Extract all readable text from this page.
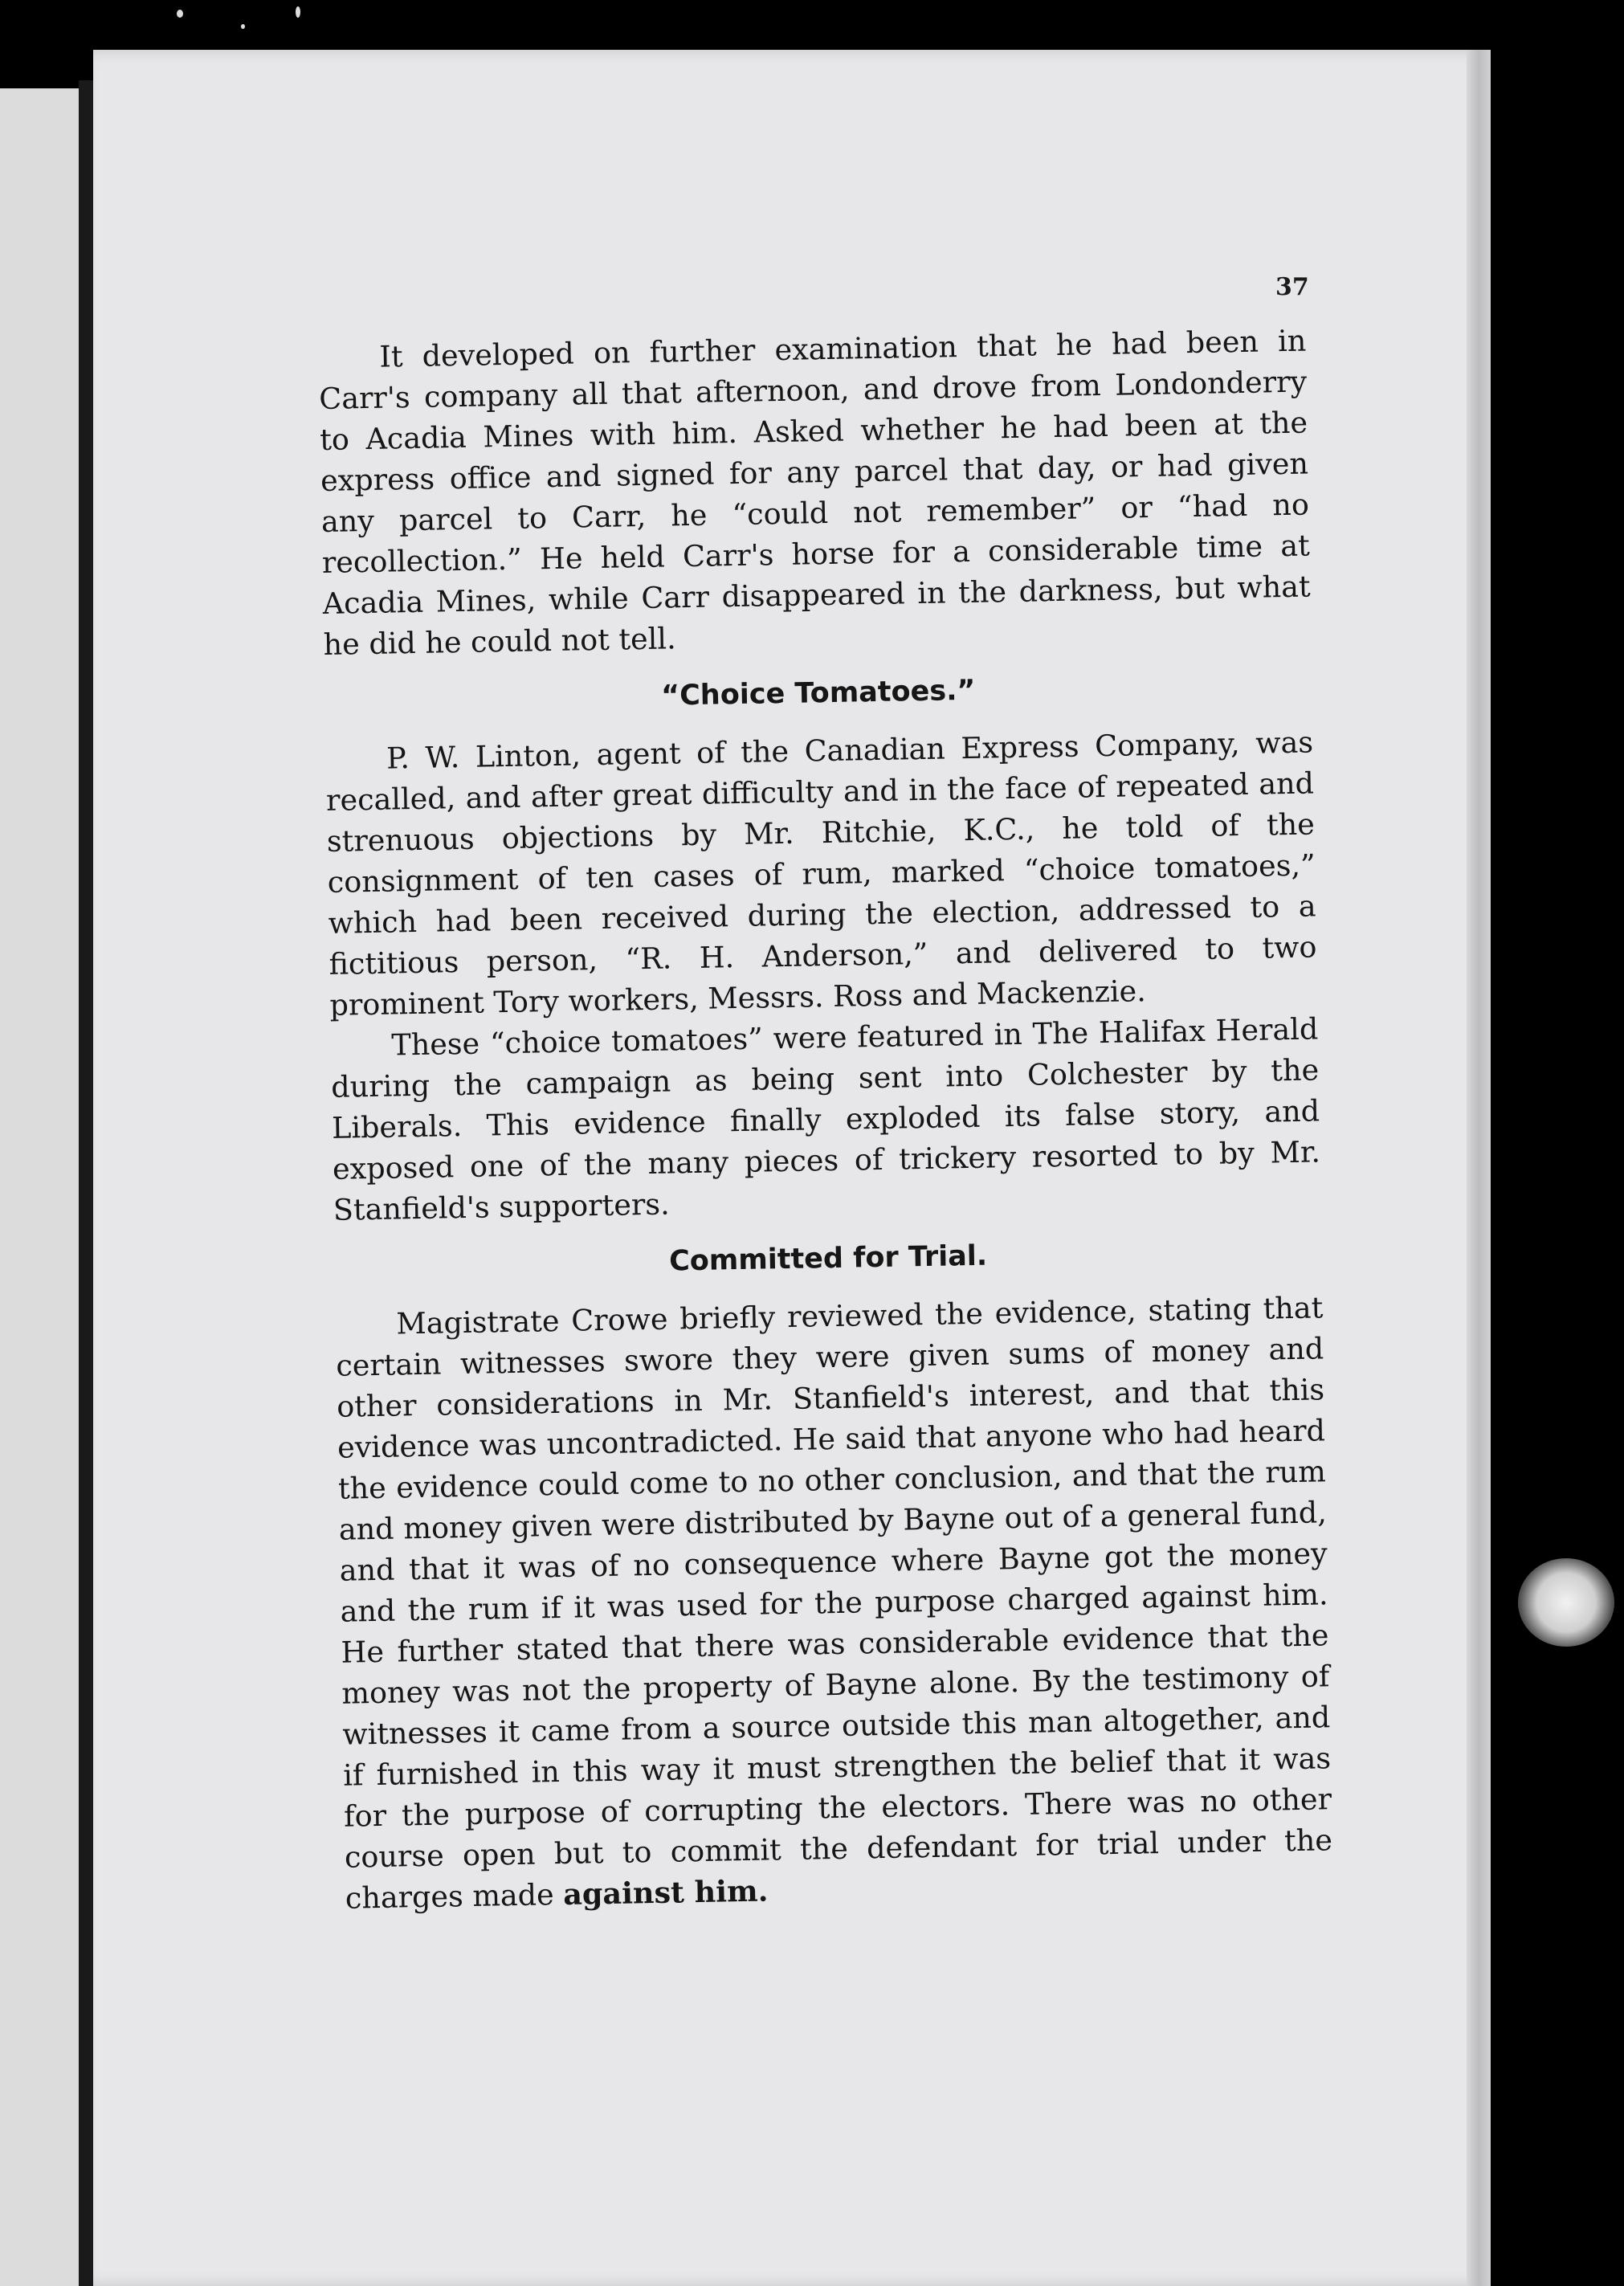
37

It developed on further examination that he had been in Carr's company all that afternoon, and drove from Londonderry to Acadia Mines with him. Asked whether he had been at the express office and signed for any parcel that day, or had given any parcel to Carr, he “could not remember” or “had no recollection.” He held Carr's horse for a considerable time at Acadia Mines, while Carr disappeared in the darkness, but what he did he could not tell.

“Choice Tomatoes.”

P. W. Linton, agent of the Canadian Express Company, was recalled, and after great difficulty and in the face of repeated and strenuous objections by Mr. Ritchie, K.C., he told of the consignment of ten cases of rum, marked “choice tomatoes,” which had been received during the election, addressed to a fictitious person, “R. H. Anderson,” and delivered to two prominent Tory workers, Messrs. Ross and Mackenzie.

These “choice tomatoes” were featured in The Halifax Herald during the campaign as being sent into Colchester by the Liberals. This evidence finally exploded its false story, and exposed one of the many pieces of trickery resorted to by Mr. Stanfield's supporters.

Committed for Trial.

Magistrate Crowe briefly reviewed the evidence, stating that certain witnesses swore they were given sums of money and other considerations in Mr. Stanfield's interest, and that this evidence was uncontradicted. He said that anyone who had heard the evidence could come to no other conclusion, and that the rum and money given were distributed by Bayne out of a general fund, and that it was of no consequence where Bayne got the money and the rum if it was used for the purpose charged against him. He further stated that there was considerable evidence that the money was not the property of Bayne alone. By the testimony of witnesses it came from a source outside this man altogether, and if furnished in this way it must strengthen the belief that it was for the purpose of corrupting the electors. There was no other course open but to commit the defendant for trial under the charges made against him.
